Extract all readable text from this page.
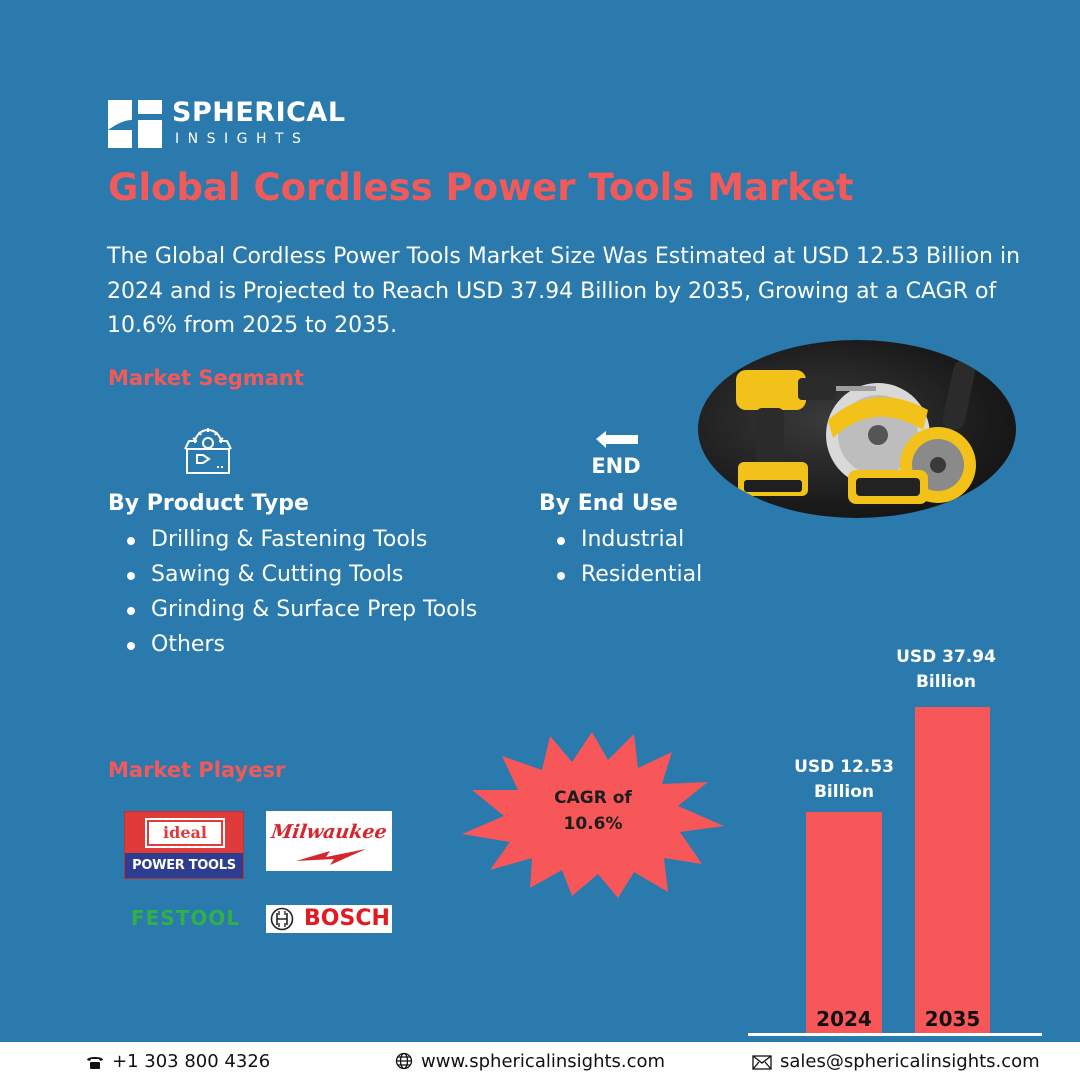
SPHERICAL
INSIGHTS
Global Cordless Power Tools Market
The Global Cordless Power Tools Market Size Was Estimated at USD 12.53 Billion in 2024 and is Projected to Reach USD 37.94 Billion by 2035, Growing at a CAGR of 10.6% from 2025 to 2035.
Market Segmant
By Product Type
Drilling & Fastening Tools
Sawing & Cutting Tools
Grinding & Surface Prep Tools
Others
END
By End Use
Industrial
Residential
Market Playesr
ideal
POWER TOOLS
Milwaukee
FESTOOL	BOSCH
CAGR of
10.6%
USD 12.53
Billion
USD 37.94
Billion
2024	2035
+1 303 800 4326	www.sphericalinsights.com	sales@sphericalinsights.com
